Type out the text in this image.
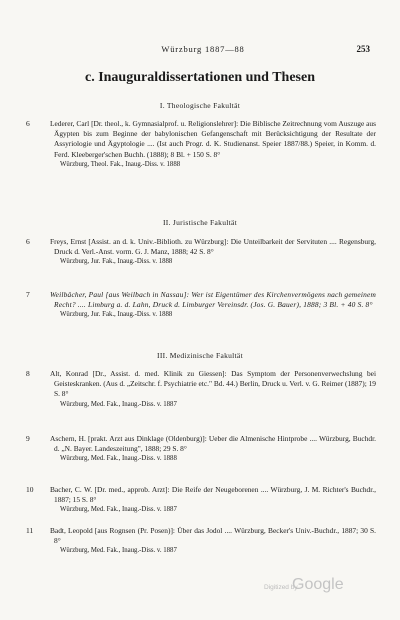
Würzburg 1887—88	253
c. Inauguraldissertationen und Thesen
I. Theologische Fakultät
6	Lederer, Carl [Dr. theol., k. Gymnasialprof. u. Religionslehrer]: Die Biblische Zeitrechnung vom Auszuge aus Ägypten bis zum Beginne der babylonischen Gefangenschaft mit Berücksichtigung der Resultate der Assyriologie und Ägyptologie .... (Ist auch Progr. d. K. Studienanst. Speier 1887/88.) Speier, in Komm. d. Ferd. Kleeberger'schen Buchh. (1888); 8 Bl. + 150 S. 8°
Würzburg, Theol. Fak., Inaug.-Diss. v. 1888
II. Juristische Fakultät
6	Freys, Ernst [Assist. an d. k. Univ.-Biblioth. zu Würzburg]: Die Unteilbarkeit der Servituten .... Regensburg, Druck d. Verl.-Anst. vorm. G. J. Manz, 1888; 42 S. 8°
Würzburg, Jur. Fak., Inaug.-Diss. v. 1888
7	Weilbächer, Paul [aus Weilbach in Nassau]: Wer ist Eigentümer des Kirchenvermögens nach gemeinem Recht? .... Limburg a. d. Lahn, Druck d. Limburger Vereinsdr. (Jos. G. Bauer), 1888; 3 Bl. + 40 S. 8°
Würzburg, Jur. Fak., Inaug.-Diss. v. 1888
III. Medizinische Fakultät
8	Alt, Konrad [Dr., Assist. d. med. Klinik zu Giessen]: Das Symptom der Personenverwechslung bei Geisteskranken. (Aus d. „Zeitschr. f. Psychiatrie etc." Bd. 44.) Berlin, Druck u. Verl. v. G. Reimer (1887); 19 S. 8°
Würzburg, Med. Fak., Inaug.-Diss. v. 1887
9	Aschern, H. [prakt. Arzt aus Dinklage (Oldenburg)]: Ueber die Almenische Hintprobe .... Würzburg, Buchdr. d. „N. Bayer. Landeszeitung", 1888; 29 S. 8°
Würzburg, Med. Fak., Inaug.-Diss. v. 1888
10	Bacher, C. W. [Dr. med., approb. Arzt]: Die Reife der Neugeborenen .... Würzburg, J. M. Richter's Buchdr., 1887; 15 S. 8°
Würzburg, Med. Fak., Inaug.-Diss. v. 1887
11	Badt, Leopold [aus Rognsen (Pr. Posen)]: Über das Jodol .... Würzburg, Becker's Univ.-Buchdr., 1887; 30 S. 8°
Würzburg, Med. Fak., Inaug.-Diss. v. 1887
Digitized by
Google
